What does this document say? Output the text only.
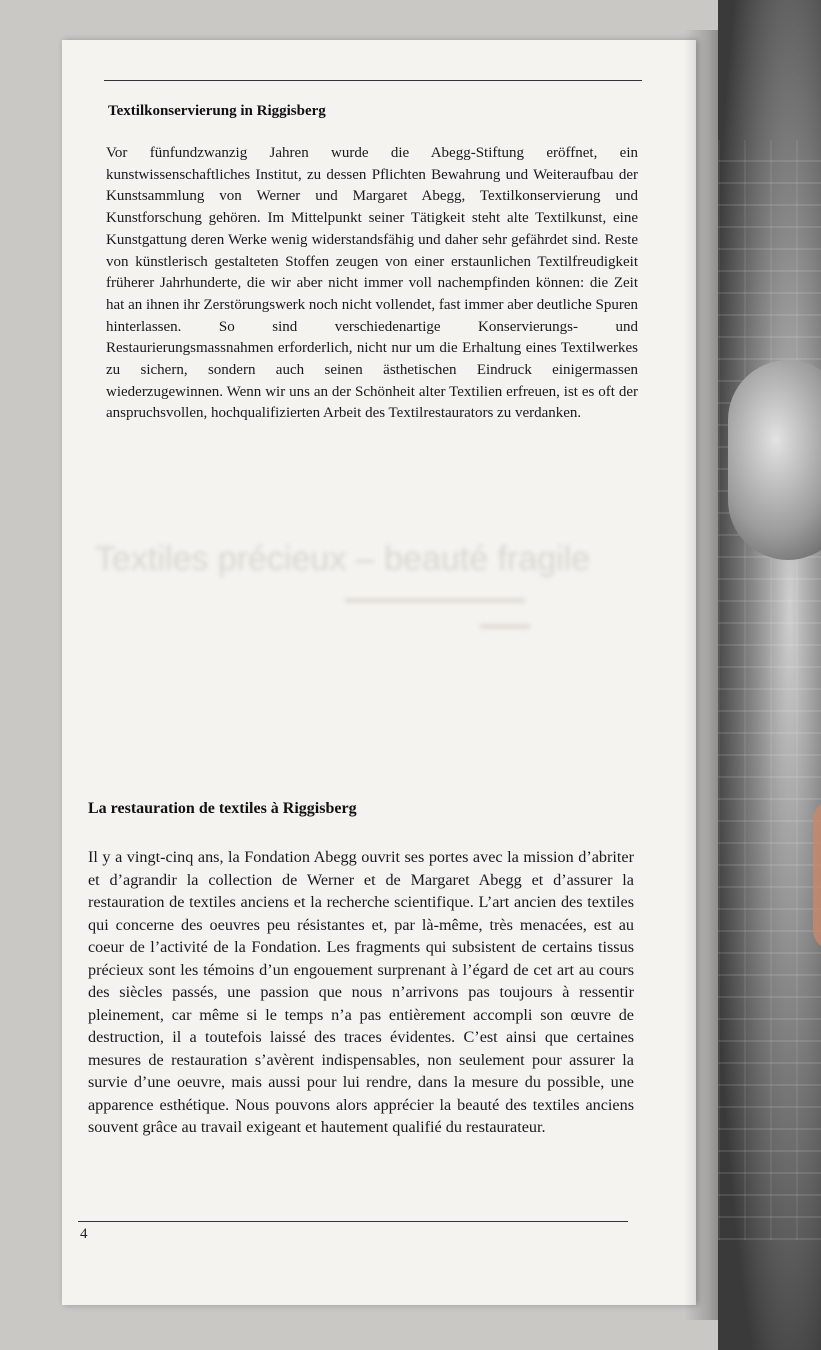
Textilkonservierung in Riggisberg

Vor fünfundzwanzig Jahren wurde die Abegg-Stiftung eröffnet, ein kunstwissenschaftliches Institut, zu dessen Pflichten Bewahrung und Weiteraufbau der Kunstsammlung von Werner und Margaret Abegg, Textilkonservierung und Kunstforschung gehören. Im Mittelpunkt seiner Tätigkeit steht alte Textilkunst, eine Kunstgattung deren Werke wenig widerstandsfähig und daher sehr gefährdet sind. Reste von künstlerisch gestalteten Stoffen zeugen von einer erstaunlichen Textilfreudigkeit früherer Jahrhunderte, die wir aber nicht immer voll nachempfinden können: die Zeit hat an ihnen ihr Zerstörungswerk noch nicht vollendet, fast immer aber deutliche Spuren hinterlassen. So sind verschiedenartige Konservierungs- und Restaurierungsmassnahmen erforderlich, nicht nur um die Erhaltung eines Textilwerkes zu sichern, sondern auch seinen ästhetischen Eindruck einigermassen wiederzugewinnen. Wenn wir uns an der Schönheit alter Textilien erfreuen, ist es oft der anspruchsvollen, hochqualifizierten Arbeit des Textilrestaurators zu verdanken.

Textiles précieux – beauté fragile
La restauration de textiles à Riggisberg

Il y a vingt-cinq ans, la Fondation Abegg ouvrit ses portes avec la mission d’abriter et d’agrandir la collection de Werner et de Margaret Abegg et d’assurer la restauration de textiles anciens et la recherche scientifique. L’art ancien des textiles qui concerne des oeuvres peu résistantes et, par là-même, très menacées, est au coeur de l’activité de la Fondation. Les fragments qui subsistent de certains tissus précieux sont les témoins d’un engouement surprenant à l’égard de cet art au cours des siècles passés, une passion que nous n’arrivons pas toujours à ressentir pleinement, car même si le temps n’a pas entièrement accompli son œuvre de destruction, il a toutefois laissé des traces évidentes. C’est ainsi que certaines mesures de restauration s’avèrent indispensables, non seulement pour assurer la survie d’une oeuvre, mais aussi pour lui rendre, dans la mesure du possible, une apparence esthétique. Nous pouvons alors apprécier la beauté des textiles anciens souvent grâce au travail exigeant et hautement qualifié du restaurateur.

4
